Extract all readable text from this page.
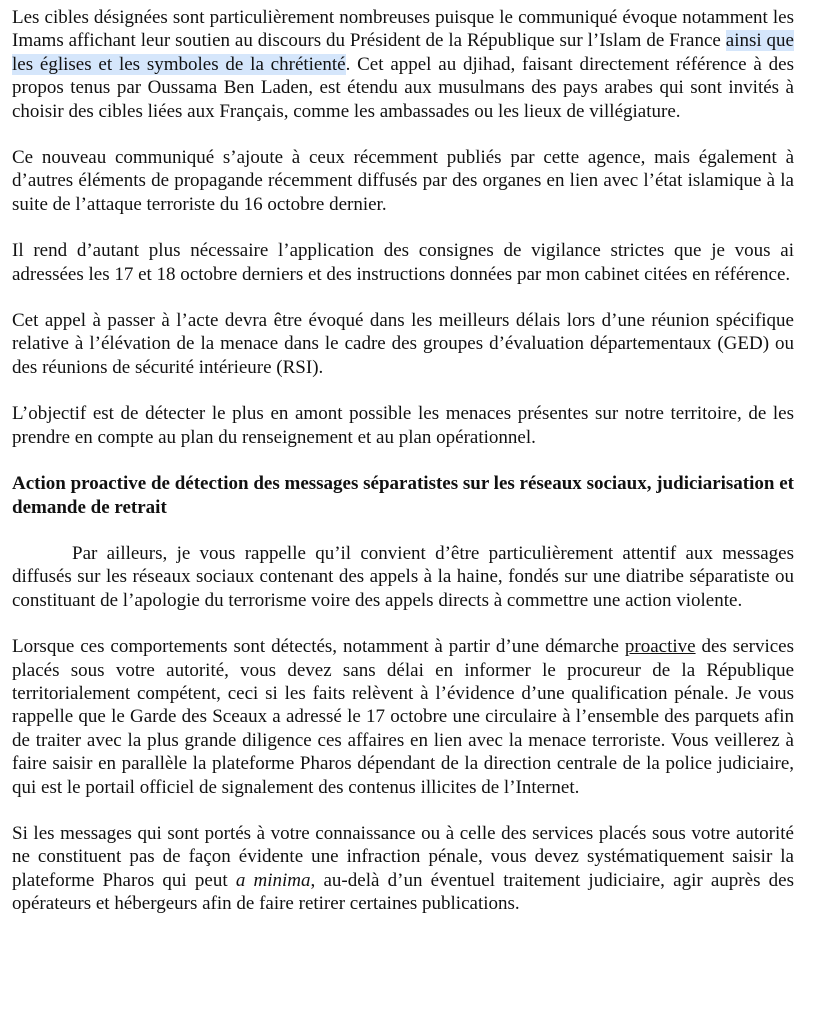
Les cibles désignées sont particulièrement nombreuses puisque le communiqué évoque notamment les Imams affichant leur soutien au discours du Président de la République sur l’Islam de France ainsi que les églises et les symboles de la chrétienté. Cet appel au djihad, faisant directement référence à des propos tenus par Oussama Ben Laden, est étendu aux musulmans des pays arabes qui sont invités à choisir des cibles liées aux Français, comme les ambassades ou les lieux de villégiature.

Ce nouveau communiqué s’ajoute à ceux récemment publiés par cette agence, mais également à d’autres éléments de propagande récemment diffusés par des organes en lien avec l’état islamique à la suite de l’attaque terroriste du 16 octobre dernier.

Il rend d’autant plus nécessaire l’application des consignes de vigilance strictes que je vous ai adressées les 17 et 18 octobre derniers et des instructions données par mon cabinet citées en référence.

Cet appel à passer à l’acte devra être évoqué dans les meilleurs délais lors d’une réunion spécifique relative à l’élévation de la menace dans le cadre des groupes d’évaluation départementaux (GED) ou des réunions de sécurité intérieure (RSI).

L’objectif est de détecter le plus en amont possible les menaces présentes sur notre territoire, de les prendre en compte au plan du renseignement et au plan opérationnel.

Action proactive de détection des messages séparatistes sur les réseaux sociaux, judiciarisation et demande de retrait

Par ailleurs, je vous rappelle qu’il convient d’être particulièrement attentif aux messages diffusés sur les réseaux sociaux contenant des appels à la haine, fondés sur une diatribe séparatiste ou constituant de l’apologie du terrorisme voire des appels directs à commettre une action violente.

Lorsque ces comportements sont détectés, notamment à partir d’une démarche proactive des services placés sous votre autorité, vous devez sans délai en informer le procureur de la République territorialement compétent, ceci si les faits relèvent à l’évidence d’une qualification pénale. Je vous rappelle que le Garde des Sceaux a adressé le 17 octobre une circulaire à l’ensemble des parquets afin de traiter avec la plus grande diligence ces affaires en lien avec la menace terroriste. Vous veillerez à faire saisir en parallèle la plateforme Pharos dépendant de la direction centrale de la police judiciaire, qui est le portail officiel de signalement des contenus illicites de l’Internet.

Si les messages qui sont portés à votre connaissance ou à celle des services placés sous votre autorité ne constituent pas de façon évidente une infraction pénale, vous devez systématiquement saisir la plateforme Pharos qui peut a minima, au-delà d’un éventuel traitement judiciaire, agir auprès des opérateurs et hébergeurs afin de faire retirer certaines publications.
